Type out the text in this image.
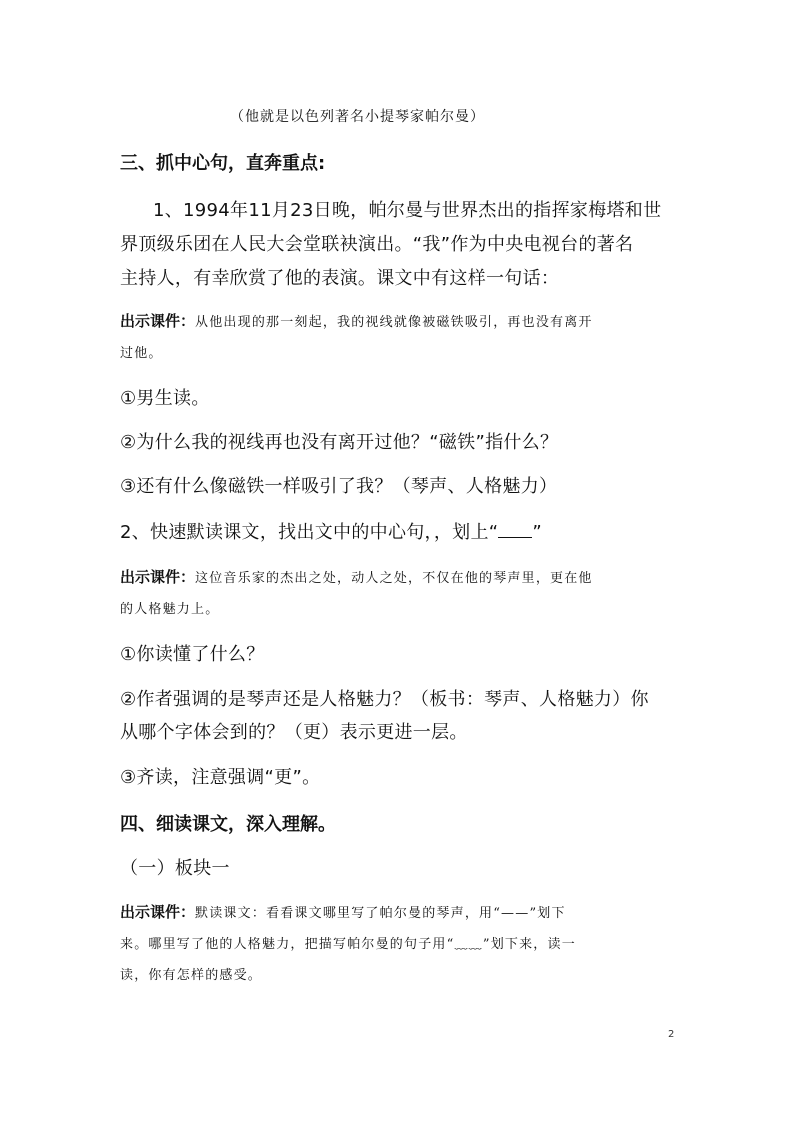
（他就是以色列著名小提琴家帕尔曼）
三、抓中心句，直奔重点:
1、1994年11月23日晚，帕尔曼与世界杰出的指挥家梅塔和世
界顶级乐团在人民大会堂联袂演出。“我”作为中央电视台的著名
主持人，有幸欣赏了他的表演。课文中有这样一句话：
出示课件：从他出现的那一刻起，我的视线就像被磁铁吸引，再也没有离开
过他。
①男生读。
②为什么我的视线再也没有离开过他？“磁铁”指什么？
③还有什么像磁铁一样吸引了我？（琴声、人格魅力）
2、快速默读课文，找出文中的中心句，，划上“ ”
出示课件：这位音乐家的杰出之处，动人之处，不仅在他的琴声里，更在他
的人格魅力上。
①你读懂了什么？
②作者强调的是琴声还是人格魅力？（板书：琴声、人格魅力）你
从哪个字体会到的？（更）表示更进一层。
③齐读，注意强调“更”。
四、细读课文，深入理解。
（一）板块一
出示课件：默读课文：看看课文哪里写了帕尔曼的琴声，用“——”划下
来。哪里写了他的人格魅力，把描写帕尔曼的句子用“﹏﹏”划下来，读一
读，你有怎样的感受。
2
